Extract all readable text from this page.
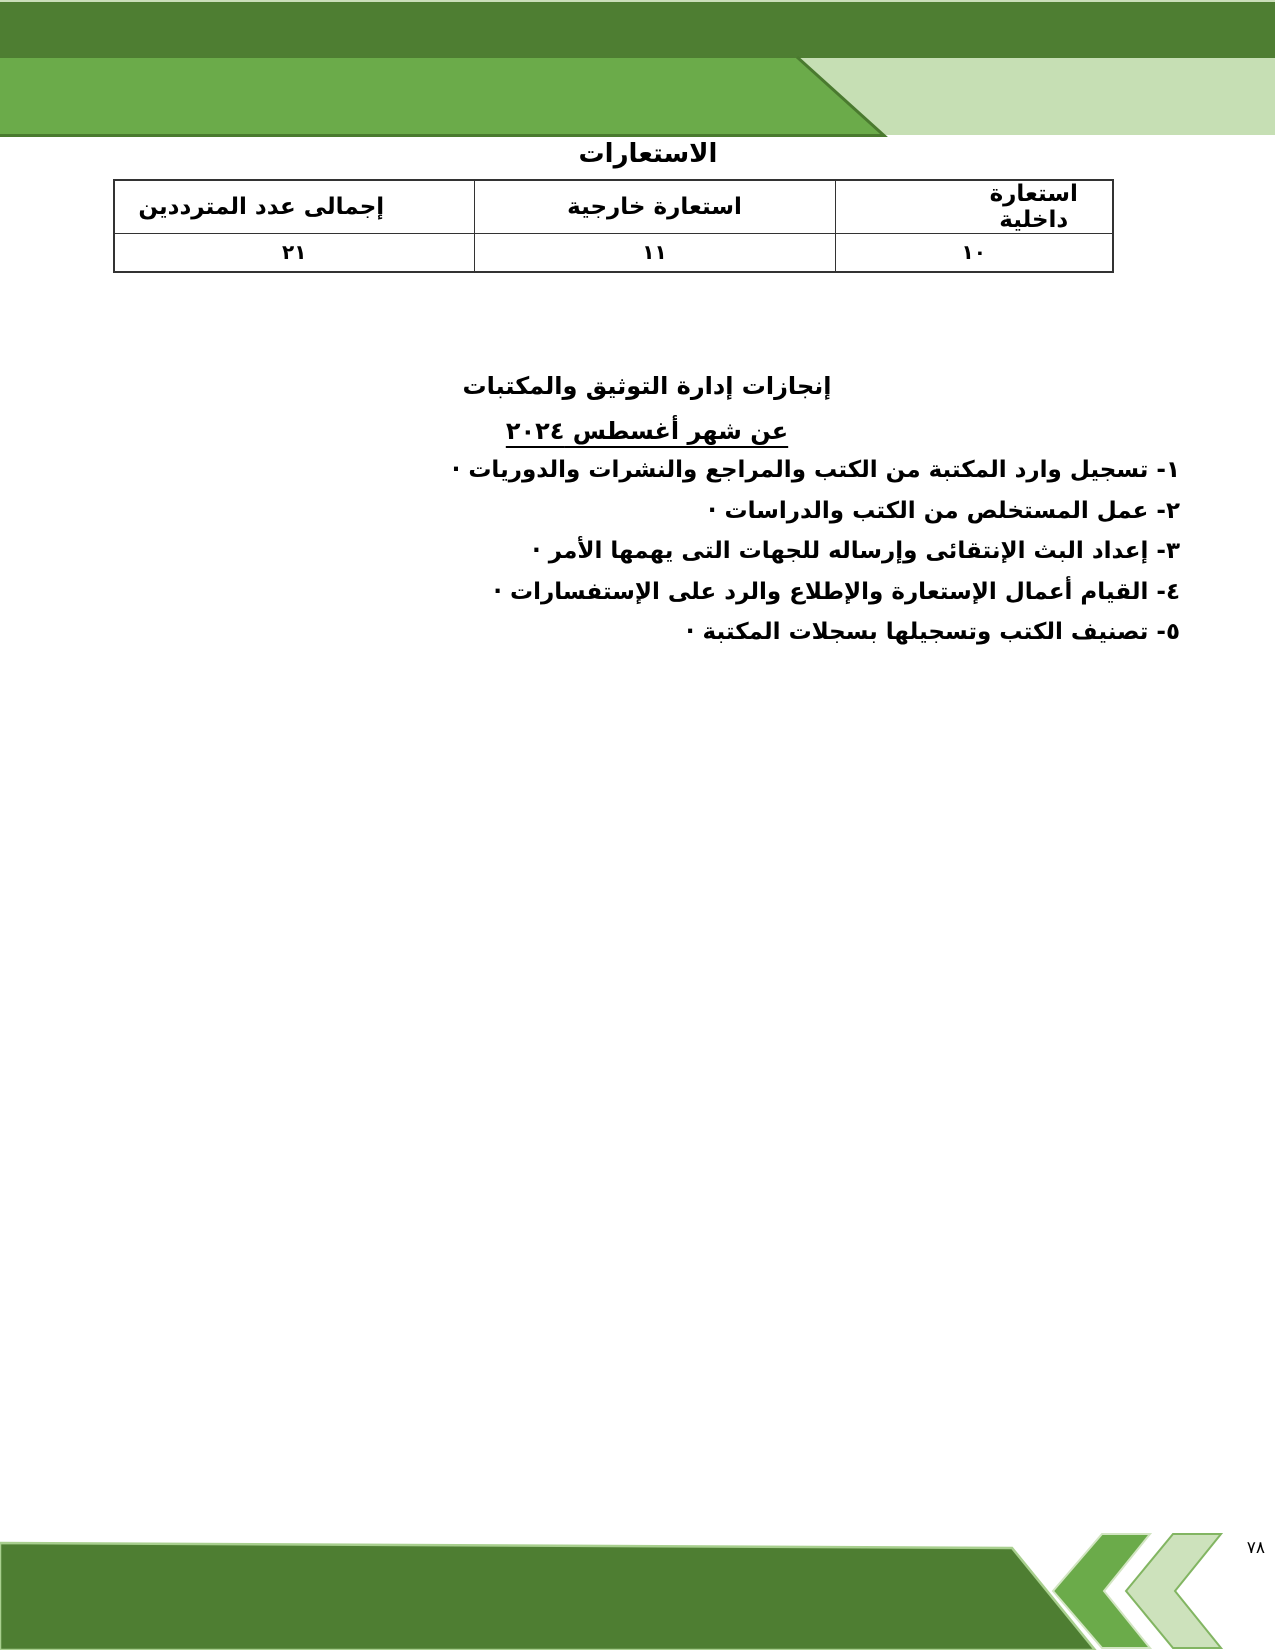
الاستعارات
استعارة داخلية	استعارة خارجية	إجمالى عدد المترددين
١٠	١١	٢١
إنجازات إدارة التوثيق والمكتبات
عن شهر أغسطس ٢٠٢٤
١- تسجيل وارد المكتبة من الكتب والمراجع والنشرات والدوريات ·
٢- عمل المستخلص من الكتب والدراسات ·
٣- إعداد البث الإنتقائى وإرساله للجهات التى يهمها الأمر ·
٤- القيام أعمال الإستعارة والإطلاع والرد على الإستفسارات ·
٥- تصنيف الكتب وتسجيلها بسجلات المكتبة ·
٧٨
